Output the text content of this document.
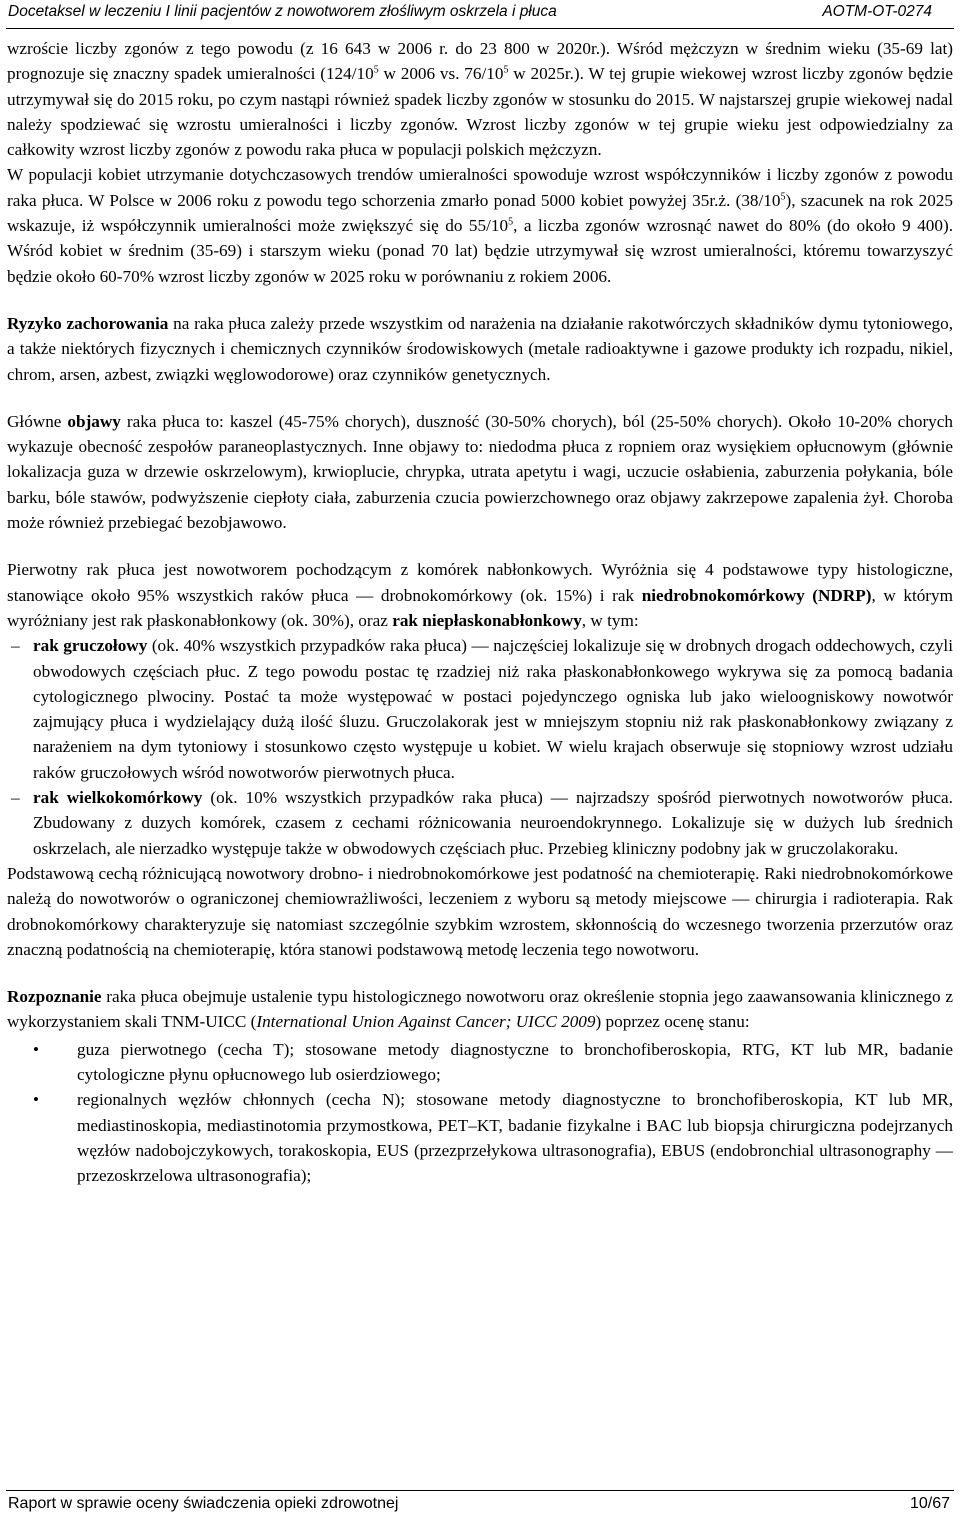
Docetaksel w leczeniu I linii pacjentów z nowotworem złośliwym oskrzela i płuca	AOTM-OT-0274

wzroście liczby zgonów z tego powodu (z 16 643 w 2006 r. do 23 800 w 2020r.). Wśród mężczyzn w średnim wieku (35-69 lat) prognozuje się znaczny spadek umieralności ($124/10^5$ w 2006 vs. $76/10^5$ w 2025r.). W tej grupie wiekowej wzrost liczby zgonów będzie utrzymywał się do 2015 roku, po czym nastąpi również spadek liczby zgonów w stosunku do 2015. W najstarszej grupie wiekowej nadal należy spodziewać się wzrostu umieralności i liczby zgonów. Wzrost liczby zgonów w tej grupie wieku jest odpowiedzialny za całkowity wzrost liczby zgonów z powodu raka płuca w populacji polskich mężczyzn.

W populacji kobiet utrzymanie dotychczasowych trendów umieralności spowoduje wzrost współczynników i liczby zgonów z powodu raka płuca. W Polsce w 2006 roku z powodu tego schorzenia zmarło ponad 5000 kobiet powyżej 35r.ż. $(38/10^5)$, szacunek na rok 2025 wskazuje, iż współczynnik umieralności może zwiększyć się do $55/10^5$, a liczba zgonów wzrosnąć nawet do 80% (do około 9 400). Wśród kobiet w średnim (35-69) i starszym wieku (ponad 70 lat) będzie utrzymywał się wzrost umieralności, któremu towarzyszyć będzie około 60-70% wzrost liczby zgonów w 2025 roku w porównaniu z rokiem 2006.

Ryzyko zachorowania na raka płuca zależy przede wszystkim od narażenia na działanie rakotwórczych składników dymu tytoniowego, a także niektórych fizycznych i chemicznych czynników środowiskowych (metale radioaktywne i gazowe produkty ich rozpadu, nikiel, chrom, arsen, azbest, związki węglowodorowe) oraz czynników genetycznych.

Główne objawy raka płuca to: kaszel (45-75% chorych), duszność (30-50% chorych), ból (25-50% chorych). Około 10-20% chorych wykazuje obecność zespołów paraneoplastycznych. Inne objawy to: niedodma płuca z ropniem oraz wysiękiem opłucnowym (głównie lokalizacja guza w drzewie oskrzelowym), krwioplucie, chrypka, utrata apetytu i wagi, uczucie osłabienia, zaburzenia połykania, bóle barku, bóle stawów, podwyższenie ciepłoty ciała, zaburzenia czucia powierzchownego oraz objawy zakrzepowe zapalenia żył. Choroba może również przebiegać bezobjawowo.

Pierwotny rak płuca jest nowotworem pochodzącym z komórek nabłonkowych. Wyróżnia się 4 podstawowe typy histologiczne, stanowiące około 95% wszystkich raków płuca — drobnokomórkowy (ok. 15%) i rak niedrobnokomórkowy (NDRP), w którym wyróżniany jest rak płaskonabłonkowy (ok. 30%), oraz rak niepłaskonabłonkowy, w tym:

– rak gruczołowy (ok. 40% wszystkich przypadków raka płuca) — najczęściej lokalizuje się w drobnych drogach oddechowych, czyli obwodowych częściach płuc. Z tego powodu postac tę rzadziej niż raka płaskonabłonkowego wykrywa się za pomocą badania cytologicznego plwociny. Postać ta może występować w postaci pojedynczego ogniska lub jako wieloogniskowy nowotwór zajmujący płuca i wydzielający dużą ilość śluzu. Gruczolakorak jest w mniejszym stopniu niż rak płaskonabłonkowy związany z narażeniem na dym tytoniowy i stosunkowo często występuje u kobiet. W wielu krajach obserwuje się stopniowy wzrost udziału raków gruczołowych wśród nowotworów pierwotnych płuca.
– rak wielkokomórkowy (ok. 10% wszystkich przypadków raka płuca) — najrzadszy spośród pierwotnych nowotworów płuca. Zbudowany z duzych komórek, czasem z cechami różnicowania neuroendokrynnego. Lokalizuje się w dużych lub średnich oskrzelach, ale nierzadko występuje także w obwodowych częściach płuc. Przebieg kliniczny podobny jak w gruczolakoraku.

Podstawową cechą różnicującą nowotwory drobno- i niedrobnokomórkowe jest podatność na chemioterapię. Raki niedrobnokomórkowe należą do nowotworów o ograniczonej chemiowrażliwości, leczeniem z wyboru są metody miejscowe — chirurgia i radioterapia. Rak drobnokomórkowy charakteryzuje się natomiast szczególnie szybkim wzrostem, skłonnością do wczesnego tworzenia przerzutów oraz znaczną podatnością na chemioterapię, która stanowi podstawową metodę leczenia tego nowotworu.

Rozpoznanie raka płuca obejmuje ustalenie typu histologicznego nowotworu oraz określenie stopnia jego zaawansowania klinicznego z wykorzystaniem skali TNM-UICC (International Union Against Cancer; UICC 2009) poprzez ocenę stanu:

• guza pierwotnego (cecha T); stosowane metody diagnostyczne to bronchofiberoskopia, RTG, KT lub MR, badanie cytologiczne płynu opłucnowego lub osierdziowego;
• regionalnych węzłów chłonnych (cecha N); stosowane metody diagnostyczne to bronchofiberoskopia, KT lub MR, mediastinoskopia, mediastinotomia przymostkowa, PET–KT, badanie fizykalne i BAC lub biopsja chirurgiczna podejrzanych węzłów nadobojczykowych, torakoskopia, EUS (przezprzełykowa ultrasonografia), EBUS (endobronchial ultrasonography — przezoskrzelowa ultrasonografia);
Raport w sprawie oceny świadczenia opieki zdrowotnej	10/67
